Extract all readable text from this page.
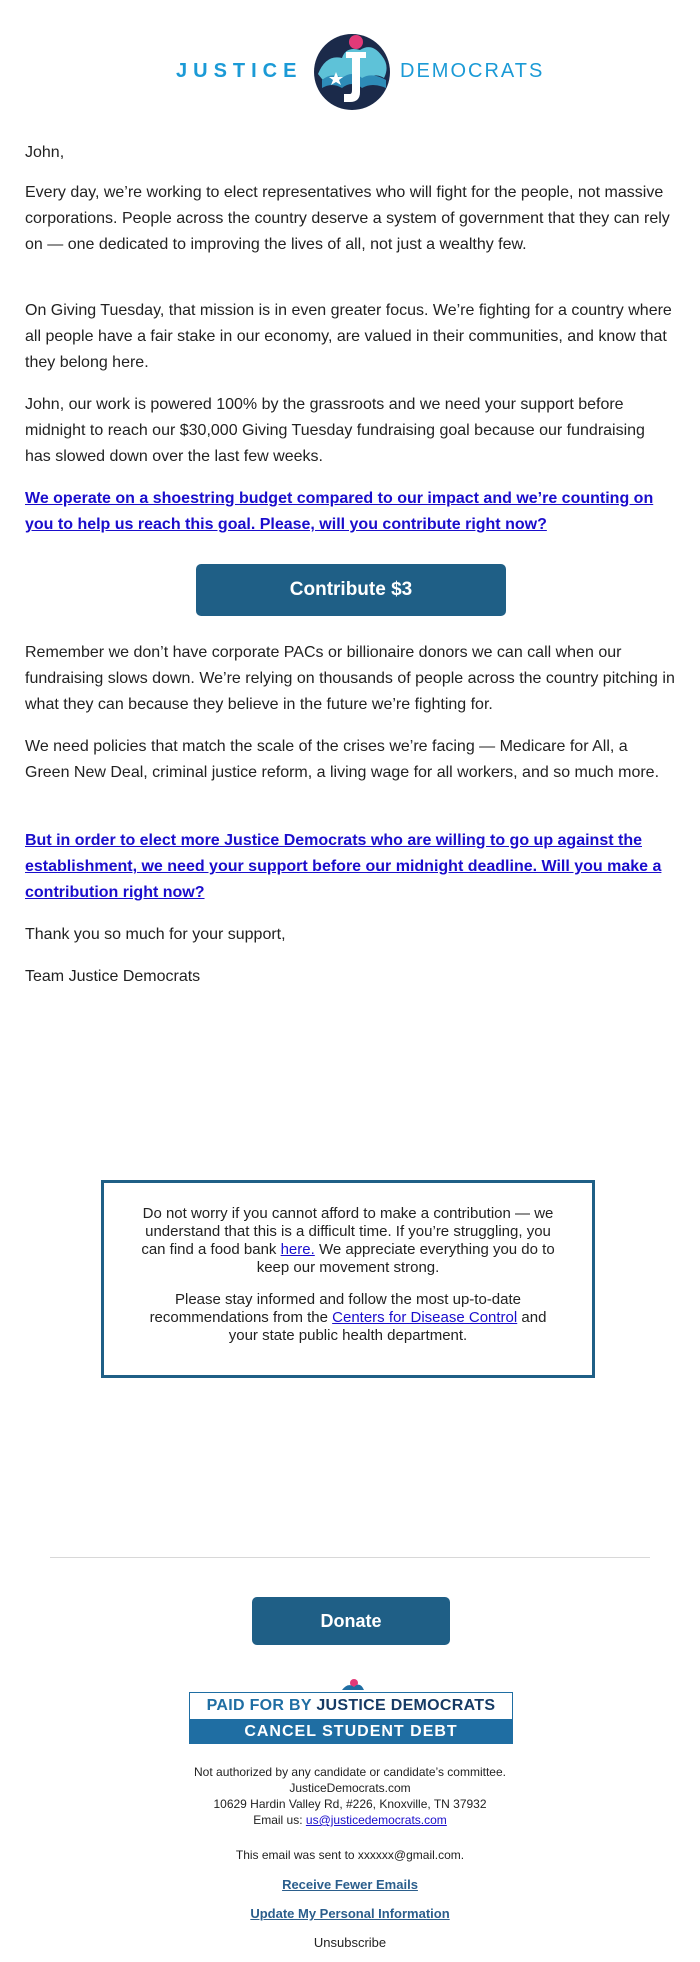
JUSTICE	DEMOCRATS
John,
Every day, we’re working to elect representatives who will fight for the people, not massive corporations. People across the country deserve a system of government that they can rely on — one dedicated to improving the lives of all, not just a wealthy few.
On Giving Tuesday, that mission is in even greater focus. We’re fighting for a country where all people have a fair stake in our economy, are valued in their communities, and know that they belong here.
John, our work is powered 100% by the grassroots and we need your support before midnight to reach our $30,000 Giving Tuesday fundraising goal because our fundraising has slowed down over the last few weeks.
We operate on a shoestring budget compared to our impact and we’re counting on you to help us reach this goal. Please, will you contribute right now?
Contribute $3
Remember we don’t have corporate PACs or billionaire donors we can call when our fundraising slows down. We’re relying on thousands of people across the country pitching in what they can because they believe in the future we’re fighting for.
We need policies that match the scale of the crises we’re facing — Medicare for All, a Green New Deal, criminal justice reform, a living wage for all workers, and so much more.
But in order to elect more Justice Democrats who are willing to go up against the establishment, we need your support before our midnight deadline. Will you make a contribution right now?
Thank you so much for your support,
Team Justice Democrats

Do not worry if you cannot afford to make a contribution — we understand that this is a difficult time. If you’re struggling, you can find a food bank here. We appreciate everything you do to keep our movement strong.

Please stay informed and follow the most up-to-date recommendations from the Centers for Disease Control and your state public health department.

Donate
PAID FOR BY JUSTICE DEMOCRATS
CANCEL STUDENT DEBT
Not authorized by any candidate or candidate’s committee.
JusticeDemocrats.com
10629 Hardin Valley Rd, #226, Knoxville, TN 37932
Email us: us@justicedemocrats.com
This email was sent to xxxxxx@gmail.com.
Receive Fewer Emails
Update My Personal Information
Unsubscribe
